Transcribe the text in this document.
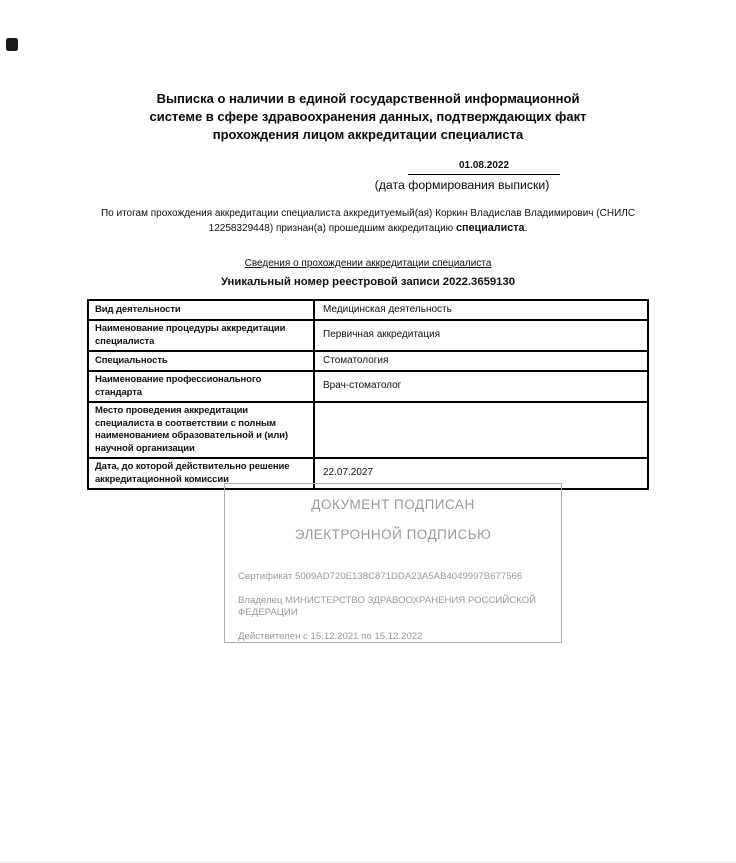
Выписка о наличии в единой государственной информационной системе в сфере здравоохранения данных, подтверждающих факт прохождения лицом аккредитации специалиста
01.08.2022
(дата формирования выписки)

По итогам прохождения аккредитации специалиста аккредитуемый(ая) Коркин Владислав Владимирович (СНИЛС 12258329448) признан(а) прошедшим аккредитацию специалиста.

Сведения о прохождении аккредитации специалиста
Уникальный номер реестровой записи 2022.3659130
Вид деятельности	Медицинская деятельность
Наименование процедуры аккредитации специалиста	Первичная аккредитация
Специальность	Стоматология
Наименование профессионального стандарта	Врач-стоматолог
Место проведения аккредитации специалиста в соответствии с полным наименованием образовательной и (или) научной организации	
Дата, до которой действительно решение аккредитационной комиссии	22.07.2027
ДОКУМЕНТ ПОДПИСАН
ЭЛЕКТРОННОЙ ПОДПИСЬЮ
Сертификат 5009AD720E138C871DDA23A5AB4049997B677566
Владелец МИНИСТЕРСТВО ЗДРАВООХРАНЕНИЯ РОССИЙСКОЙ ФЕДЕРАЦИИ
Действителен с 15.12.2021 по 15.12.2022
